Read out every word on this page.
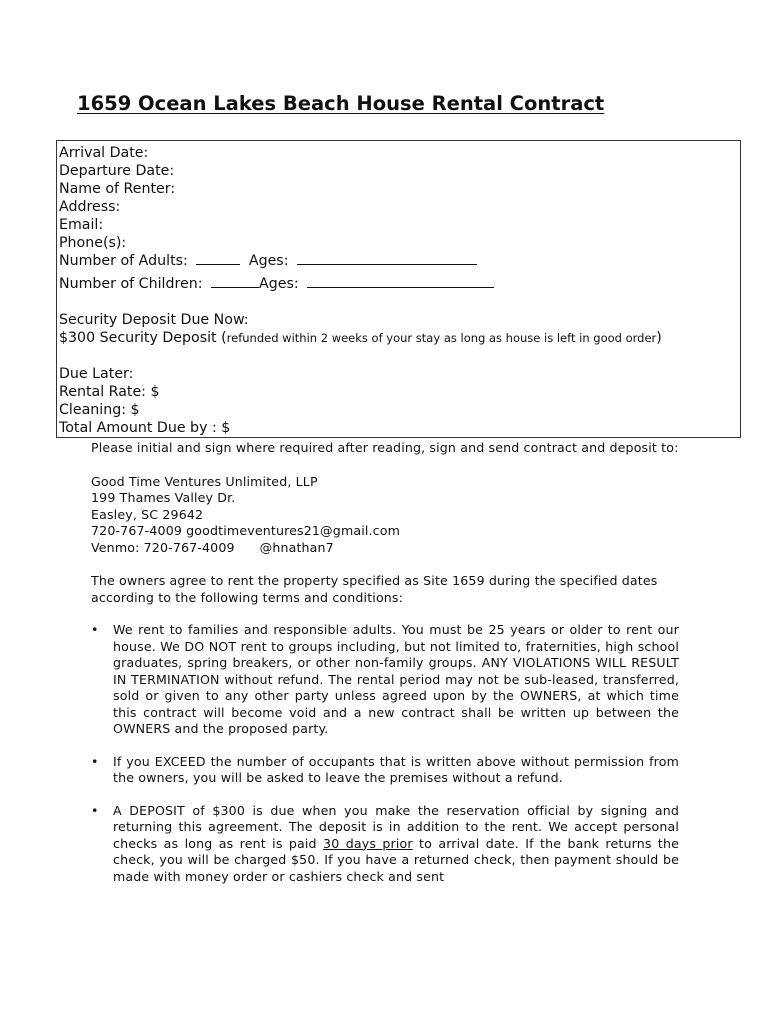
1659 Ocean Lakes Beach House Rental Contract
Arrival Date:
Departure Date:
Name of Renter:
Address:
Email:
Phone(s):
Number of Adults:	Ages:
Number of Children:	Ages:
Security Deposit Due Now:
$300 Security Deposit (refunded within 2 weeks of your stay as long as house is left in good order)
Due Later:
Rental Rate: $
Cleaning: $
Total Amount Due by : $

Please initial and sign where required after reading, sign and send contract and deposit to:

Good Time Ventures Unlimited, LLP
199 Thames Valley Dr.
Easley, SC 29642
720-767-4009 goodtimeventures21@gmail.com
Venmo: 720-767-4009      @hnathan7

The owners agree to rent the property specified as Site 1659 during the specified dates according to the following terms and conditions:

• We rent to families and responsible adults. You must be 25 years or older to rent our house. We DO NOT rent to groups including, but not limited to, fraternities, high school graduates, spring breakers, or other non-family groups. ANY VIOLATIONS WILL RESULT IN TERMINATION without refund. The rental period may not be sub-leased, transferred, sold or given to any other party unless agreed upon by the OWNERS, at which time this contract will become void and a new contract shall be written up between the OWNERS and the proposed party.
• If you EXCEED the number of occupants that is written above without permission from the owners, you will be asked to leave the premises without a refund.
• A DEPOSIT of $300 is due when you make the reservation official by signing and returning this agreement. The deposit is in addition to the rent. We accept personal checks as long as rent is paid 30 days prior to arrival date. If the bank returns the check, you will be charged $50. If you have a returned check, then payment should be made with money order or cashiers check and sent
